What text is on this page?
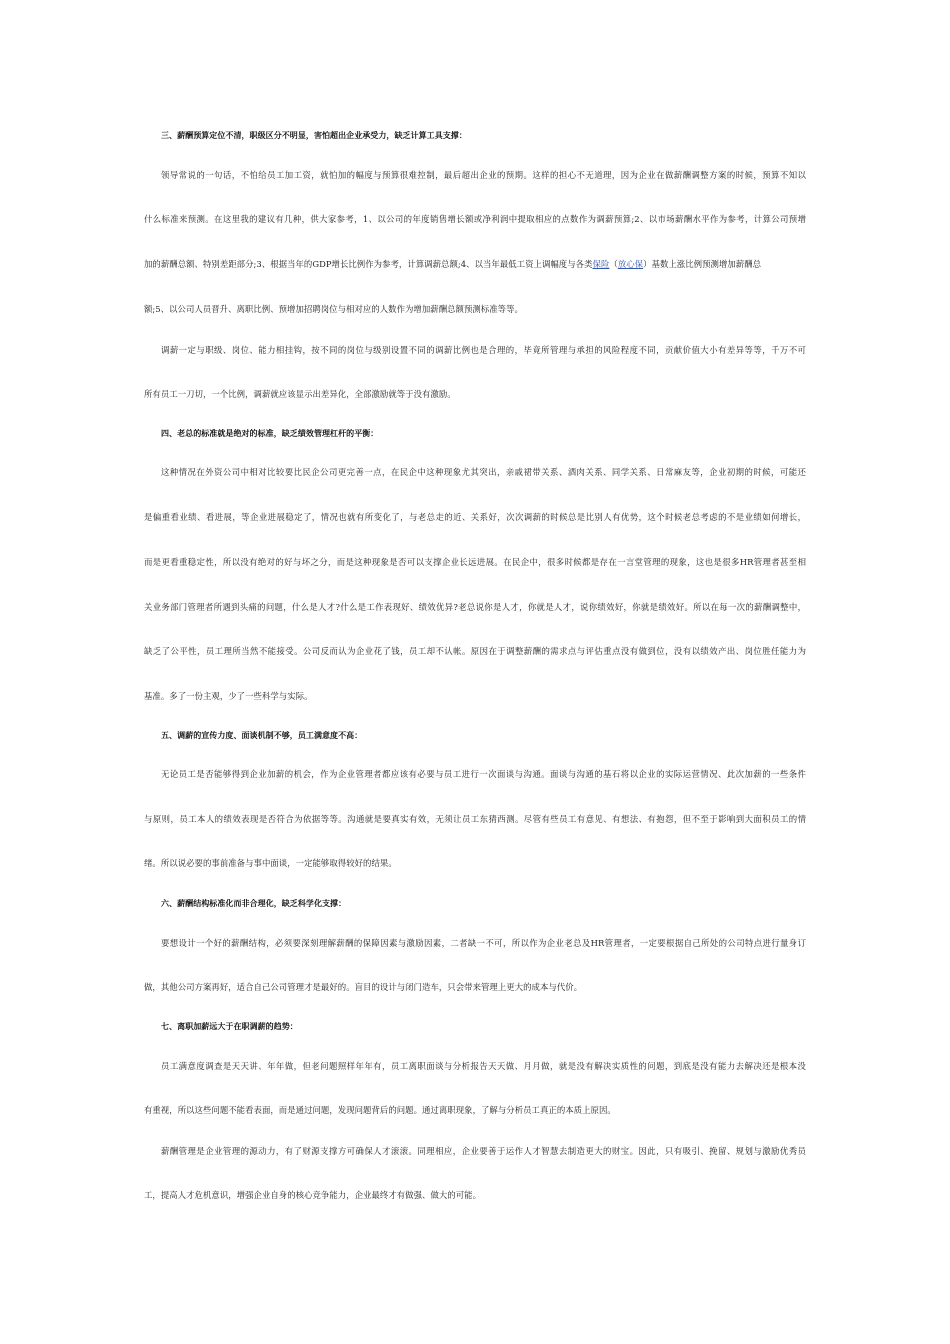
三、薪酬预算定位不清，职级区分不明显，害怕超出企业承受力，缺乏计算工具支撑：
领导常说的一句话，不怕给员工加工资，就怕加的幅度与预算很难控制，最后超出企业的预期。这样的担心不无道理，因为企业在做薪酬调整方案的时候，预算不知以
什么标准来预测。在这里我的建议有几种，供大家参考，1、以公司的年度销售增长额或净利润中提取相应的点数作为调薪预算;2、以市场薪酬水平作为参考，计算公司预增
加的薪酬总额、特别差距部分;3、根据当年的GDP增长比例作为参考，计算调薪总额;4、以当年最低工资上调幅度与各类保险（放心保）基数上涨比例预测增加薪酬总
额;5、以公司人员晋升、离职比例、预增加招聘岗位与相对应的人数作为增加薪酬总额预测标准等等。
调薪一定与职级、岗位、能力相挂钩，按不同的岗位与级别设置不同的调薪比例也是合理的，毕竟所管理与承担的风险程度不同，贡献价值大小有差异等等，千万不可
所有员工一刀切，一个比例，调薪就应该显示出差异化，全部激励就等于没有激励。
四、老总的标准就是绝对的标准，缺乏绩效管理杠杆的平衡：
这种情况在外资公司中相对比较要比民企公司更完善一点，在民企中这种现象尤其突出，亲戚裙带关系、酒肉关系、同学关系、日常麻友等，企业初期的时候，可能还
是偏重看业绩、看进展，等企业进展稳定了，情况也就有所变化了，与老总走的近、关系好，次次调薪的时候总是比别人有优势，这个时候老总考虑的不是业绩如何增长，
而是更看重稳定性，所以没有绝对的好与坏之分，而是这种现象是否可以支撑企业长远进展。在民企中，很多时候都是存在一言堂管理的现象，这也是很多HR管理者甚至相
关业务部门管理者所遇到头痛的问题，什么是人才?什么是工作表现好、绩效优异?老总说你是人才，你就是人才，说你绩效好，你就是绩效好。所以在每一次的薪酬调整中，
缺乏了公平性，员工理所当然不能接受。公司反而认为企业花了钱，员工却不认帐。原因在于调整薪酬的需求点与评估重点没有做到位，没有以绩效产出、岗位胜任能力为
基准。多了一份主观，少了一些科学与实际。
五、调薪的宣传力度、面谈机制不够，员工满意度不高：
无论员工是否能够得到企业加薪的机会，作为企业管理者都应该有必要与员工进行一次面谈与沟通。面谈与沟通的基石将以企业的实际运营情况、此次加薪的一些条件
与原则，员工本人的绩效表现是否符合为依据等等。沟通就是要真实有效，无须让员工东猜西测。尽管有些员工有意见、有想法、有抱怨，但不至于影响到大面积员工的情
绪。所以说必要的事前准备与事中面谈，一定能够取得较好的结果。
六、薪酬结构标准化而非合理化，缺乏科学化支撑：
要想设计一个好的薪酬结构，必须要深刻理解薪酬的保障因素与激励因素，二者缺一不可，所以作为企业老总及HR管理者，一定要根据自己所处的公司特点进行量身订
做，其他公司方案再好，适合自己公司管理才是最好的。盲目的设计与闭门造车，只会带来管理上更大的成本与代价。
七、离职加薪远大于在职调薪的趋势：
员工满意度调查是天天讲、年年做，但老问题照样年年有，员工离职面谈与分析报告天天做、月月做，就是没有解决实质性的问题，到底是没有能力去解决还是根本没
有重视，所以这些问题不能看表面，而是通过问题，发现问题背后的问题。通过离职现象，了解与分析员工真正的本质上原因。
薪酬管理是企业管理的源动力，有了财源支撑方可确保人才滚滚。同理相应，企业要善于运作人才智慧去制造更大的财宝。因此，只有吸引、挽留、规划与激励优秀员
工，提高人才危机意识，增强企业自身的核心竞争能力，企业最终才有做强、做大的可能。
